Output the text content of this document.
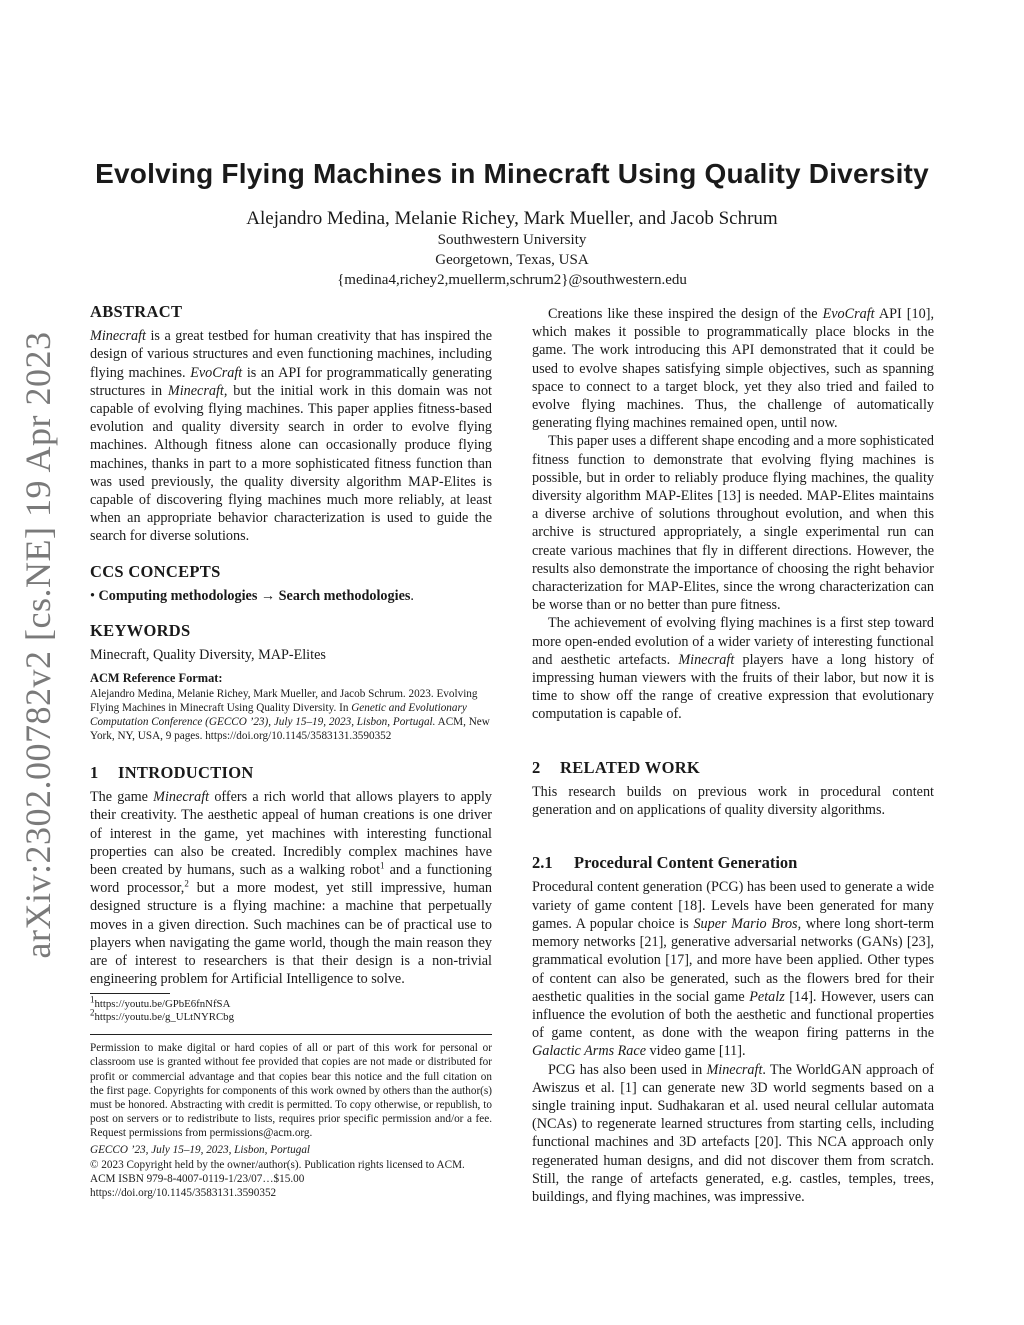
arXiv:2302.00782v2 [cs.NE] 19 Apr 2023
Evolving Flying Machines in Minecraft Using Quality Diversity
Alejandro Medina, Melanie Richey, Mark Mueller, and Jacob Schrum
Southwestern University
Georgetown, Texas, USA
{medina4,richey2,muellerm,schrum2}@southwestern.edu

ABSTRACT

Minecraft is a great testbed for human creativity that has inspired the design of various structures and even functioning machines, including flying machines. EvoCraft is an API for programmatically generating structures in Minecraft, but the initial work in this domain was not capable of evolving flying machines. This paper applies fitness-based evolution and quality diversity search in order to evolve flying machines. Although fitness alone can occasionally produce flying machines, thanks in part to a more sophisticated fitness function than was used previously, the quality diversity algorithm MAP-Elites is capable of discovering flying machines much more reliably, at least when an appropriate behavior characterization is used to guide the search for diverse solutions.

CCS CONCEPTS

• Computing methodologies → Search methodologies.

KEYWORDS

Minecraft, Quality Diversity, MAP-Elites

ACM Reference Format:
Alejandro Medina, Melanie Richey, Mark Mueller, and Jacob Schrum. 2023. Evolving Flying Machines in Minecraft Using Quality Diversity. In Genetic and Evolutionary Computation Conference (GECCO ’23), July 15–19, 2023, Lisbon, Portugal. ACM, New York, NY, USA, 9 pages. https://doi.org/10.1145/3583131.3590352

1 INTRODUCTION

The game Minecraft offers a rich world that allows players to apply their creativity. The aesthetic appeal of human creations is one driver of interest in the game, yet machines with interesting functional properties can also be created. Incredibly complex machines have been created by humans, such as a walking robot$^1$ and a functioning word processor,$^2$ but a more modest, yet still impressive, human designed structure is a flying machine: a machine that perpetually moves in a given direction. Such machines can be of practical use to players when navigating the game world, though the main reason they are of interest to researchers is that their design is a non-trivial engineering problem for Artificial Intelligence to solve.

$^1$https://youtu.be/GPbE6fnNfSA
$^2$https://youtu.be/g_ULtNYRCbg

Permission to make digital or hard copies of all or part of this work for personal or classroom use is granted without fee provided that copies are not made or distributed for profit or commercial advantage and that copies bear this notice and the full citation on the first page. Copyrights for components of this work owned by others than the author(s) must be honored. Abstracting with credit is permitted. To copy otherwise, or republish, to post on servers or to redistribute to lists, requires prior specific permission and/or a fee. Request permissions from permissions@acm.org.

GECCO ’23, July 15–19, 2023, Lisbon, Portugal

© 2023 Copyright held by the owner/author(s). Publication rights licensed to ACM.

ACM ISBN 979-8-4007-0119-1/23/07…$15.00

https://doi.org/10.1145/3583131.3590352

Creations like these inspired the design of the EvoCraft API [10], which makes it possible to programmatically place blocks in the game. The work introducing this API demonstrated that it could be used to evolve shapes satisfying simple objectives, such as spanning space to connect to a target block, yet they also tried and failed to evolve flying machines. Thus, the challenge of automatically generating flying machines remained open, until now.

This paper uses a different shape encoding and a more sophisticated fitness function to demonstrate that evolving flying machines is possible, but in order to reliably produce flying machines, the quality diversity algorithm MAP-Elites [13] is needed. MAP-Elites maintains a diverse archive of solutions throughout evolution, and when this archive is structured appropriately, a single experimental run can create various machines that fly in different directions. However, the results also demonstrate the importance of choosing the right behavior characterization for MAP-Elites, since the wrong characterization can be worse than or no better than pure fitness.

The achievement of evolving flying machines is a first step toward more open-ended evolution of a wider variety of interesting functional and aesthetic artefacts. Minecraft players have a long history of impressing human viewers with the fruits of their labor, but now it is time to show off the range of creative expression that evolutionary computation is capable of.

2 RELATED WORK

This research builds on previous work in procedural content generation and on applications of quality diversity algorithms.

2.1 Procedural Content Generation

Procedural content generation (PCG) has been used to generate a wide variety of game content [18]. Levels have been generated for many games. A popular choice is Super Mario Bros, where long short-term memory networks [21], generative adversarial networks (GANs) [23], grammatical evolution [17], and more have been applied. Other types of content can also be generated, such as the flowers bred for their aesthetic qualities in the social game Petalz [14]. However, users can influence the evolution of both the aesthetic and functional properties of game content, as done with the weapon firing patterns in the Galactic Arms Race video game [11].

PCG has also been used in Minecraft. The WorldGAN approach of Awiszus et al. [1] can generate new 3D world segments based on a single training input. Sudhakaran et al. used neural cellular automata (NCAs) to regenerate learned structures from starting cells, including functional machines and 3D artefacts [20]. This NCA approach only regenerated human designs, and did not discover them from scratch. Still, the range of artefacts generated, e.g. castles, temples, trees, buildings, and flying machines, was impressive.
